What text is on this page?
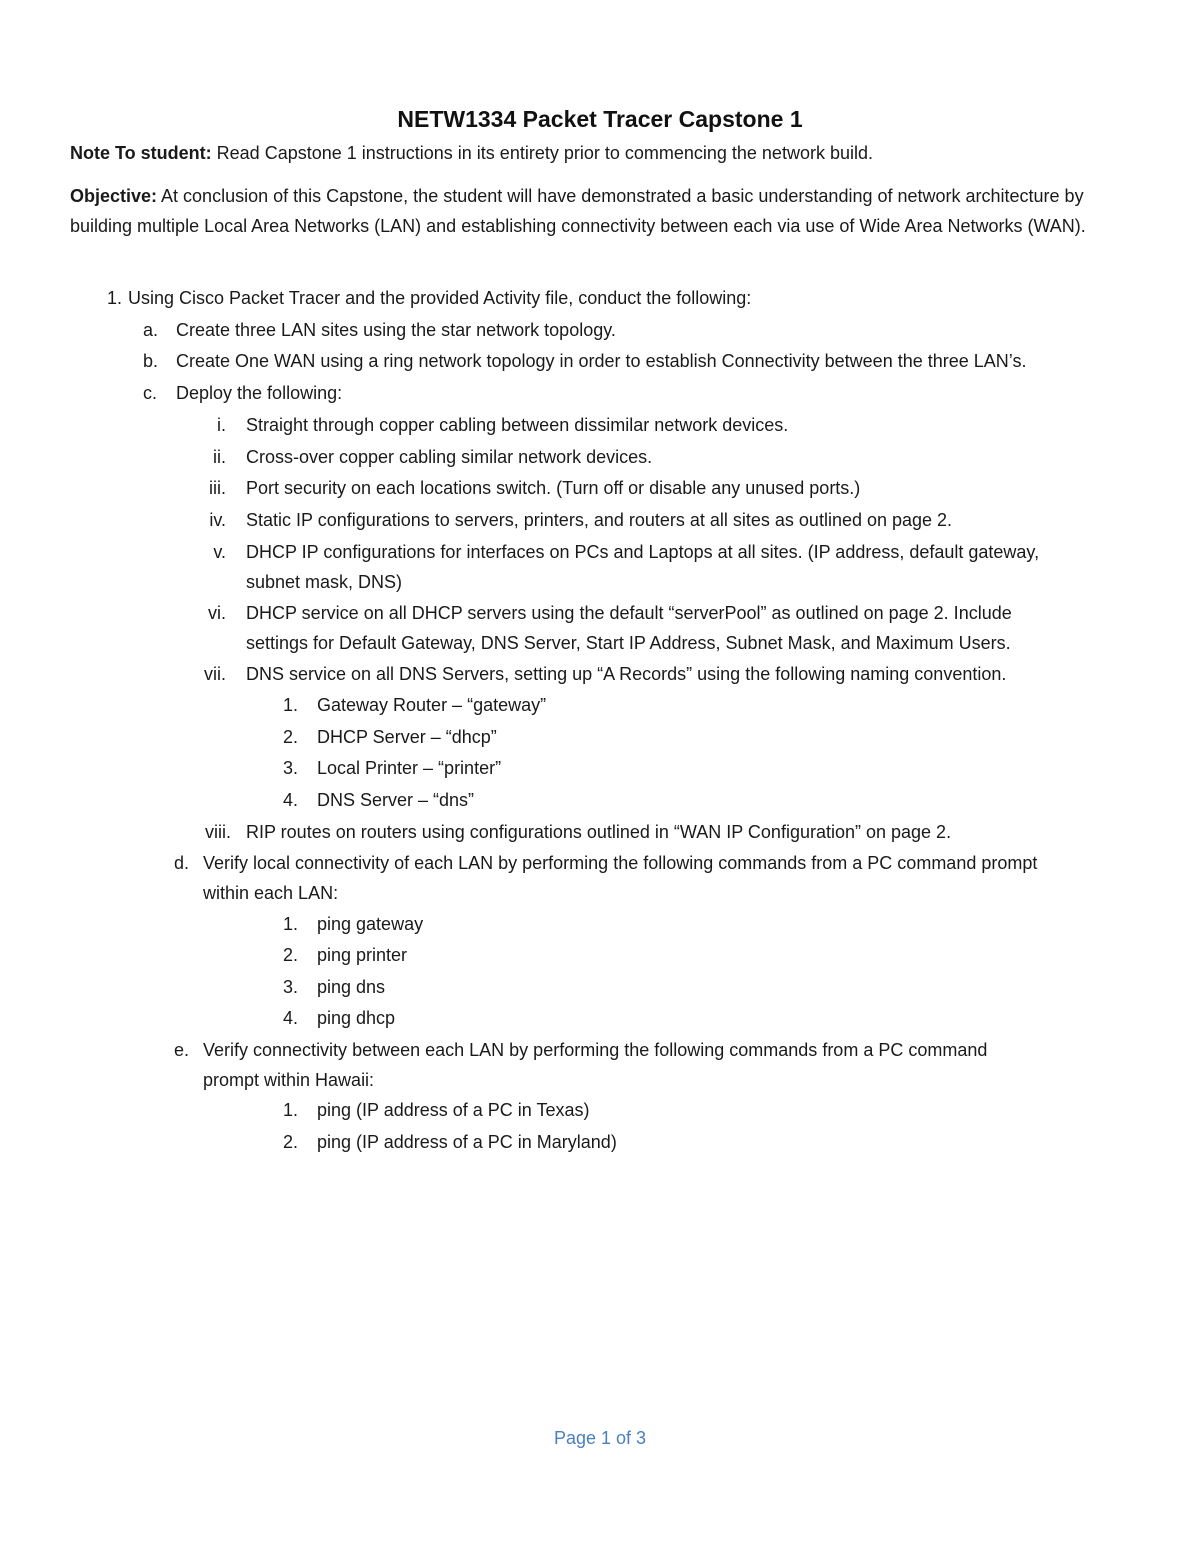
NETW1334 Packet Tracer Capstone 1
Note To student: Read Capstone 1 instructions in its entirety prior to commencing the network build.
Objective: At conclusion of this Capstone, the student will have demonstrated a basic understanding of network architecture by building multiple Local Area Networks (LAN) and establishing connectivity between each via use of Wide Area Networks (WAN).
1. Using Cisco Packet Tracer and the provided Activity file, conduct the following:
a. Create three LAN sites using the star network topology.
b. Create One WAN using a ring network topology in order to establish Connectivity between the three LAN’s.
c. Deploy the following:
i. Straight through copper cabling between dissimilar network devices.
ii. Cross-over copper cabling similar network devices.
iii. Port security on each locations switch. (Turn off or disable any unused ports.)
iv. Static IP configurations to servers, printers, and routers at all sites as outlined on page 2.
v. DHCP IP configurations for interfaces on PCs and Laptops at all sites. (IP address, default gateway,
subnet mask, DNS)
vi. DHCP service on all DHCP servers using the default “serverPool” as outlined on page 2. Include
settings for Default Gateway, DNS Server, Start IP Address, Subnet Mask, and Maximum Users.
vii. DNS service on all DNS Servers, setting up “A Records” using the following naming convention.
1. Gateway Router – “gateway”
2. DHCP Server – “dhcp”
3. Local Printer – “printer”
4. DNS Server – “dns”
viii. RIP routes on routers using configurations outlined in “WAN IP Configuration” on page 2.
d. Verify local connectivity of each LAN by performing the following commands from a PC command prompt
within each LAN:
1. ping gateway
2. ping printer
3. ping dns
4. ping dhcp
e. Verify connectivity between each LAN by performing the following commands from a PC command
prompt within Hawaii:
1. ping (IP address of a PC in Texas)
2. ping (IP address of a PC in Maryland)
Page 1 of 3
